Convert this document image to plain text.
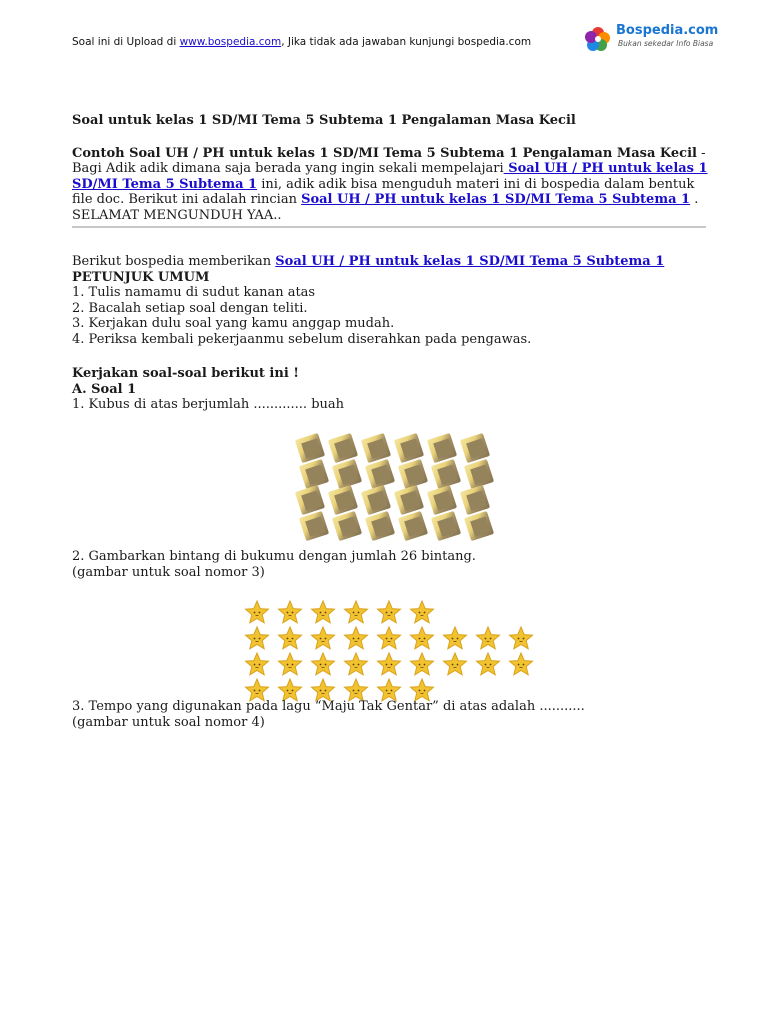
Soal ini di Upload di www.bospedia.com, Jika tidak ada jawaban kunjungi bospedia.com
Bospedia.com
Bukan sekedar Info Biasa

Soal untuk kelas 1 SD/MI Tema 5 Subtema 1 Pengalaman Masa Kecil

Contoh Soal UH / PH untuk kelas 1 SD/MI Tema 5 Subtema 1 Pengalaman Masa Kecil - Bagi Adik adik dimana saja berada yang ingin sekali mempelajari Soal UH / PH untuk kelas 1 SD/MI Tema 5 Subtema 1 ini, adik adik bisa menguduh materi ini di bospedia dalam bentuk file doc. Berikut ini adalah rincian Soal UH / PH untuk kelas 1 SD/MI Tema 5 Subtema 1 . SELAMAT MENGUNDUH YAA..

Berikut bospedia memberikan Soal UH / PH untuk kelas 1 SD/MI Tema 5 Subtema 1

PETUNJUK UMUM

1. Tulis namamu di sudut kanan atas

2. Bacalah setiap soal dengan teliti.

3. Kerjakan dulu soal yang kamu anggap mudah.

4. Periksa kembali pekerjaanmu sebelum diserahkan pada pengawas.

Kerjakan soal-soal berikut ini !

A. Soal 1

1. Kubus di atas berjumlah ............. buah

2. Gambarkan bintang di bukumu dengan jumlah 26 bintang.

(gambar untuk soal nomor 3)

3. Tempo yang digunakan pada lagu “Maju Tak Gentar” di atas adalah ...........

(gambar untuk soal nomor 4)
